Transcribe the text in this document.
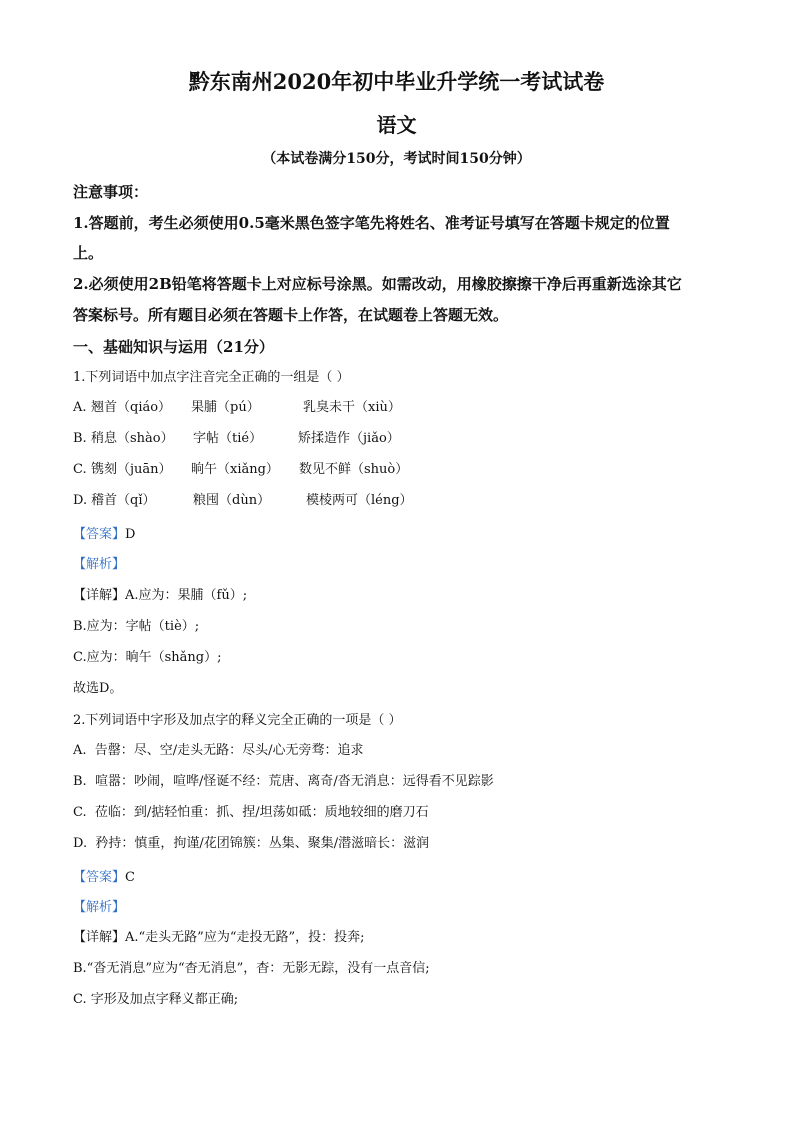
黔东南州2020年初中毕业升学统一考试试卷
语文
（本试卷满分150分，考试时间150分钟）
注意事项：
1.答题前，考生必须使用0.5毫米黑色签字笔先将姓名、准考证号填写在答题卡规定的位置
上。
2.必须使用2B铅笔将答题卡上对应标号涂黑。如需改动，用橡胶擦擦干净后再重新选涂其它
答案标号。所有题目必须在答题卡上作答，在试题卷上答题无效。
一、基础知识与运用（21分）
1.下列词语中加点字注音完全正确的一组是（ ）
A. 翘首（qiáo） 果脯（pú）	乳臭未干（xiù）
B. 稍息（shào） 字帖（tié）	矫揉造作（jiǎo）
C. 镌刻（juān） 晌午（xiǎng） 数见不鲜（shuò）
D. 稽首（qǐ）	粮囤（dùn）	模棱两可（léng）
【答案】D
【解析】
【详解】A.应为：果脯（fǔ）;
B.应为：字帖（tiè）;
C.应为：晌午（shǎng）;
故选D。
2.下列词语中字形及加点字的释义完全正确的一项是（ ）
A. 告罄：尽、空/走头无路：尽头/心无旁骛：追求
B. 喧嚣：吵闹，喧哗/怪诞不经：荒唐、离奇/沓无消息：远得看不见踪影
C. 莅临：到/掂轻怕重：抓、捏/坦荡如砥：质地较细的磨刀石
D. 矜持：慎重，拘谨/花团锦簇：丛集、聚集/潜滋暗长：滋润
【答案】C
【解析】
【详解】A.“走头无路”应为“走投无路”，投：投奔;
B.“沓无消息”应为“杳无消息”，杳：无影无踪，没有一点音信;
C. 字形及加点字释义都正确;
